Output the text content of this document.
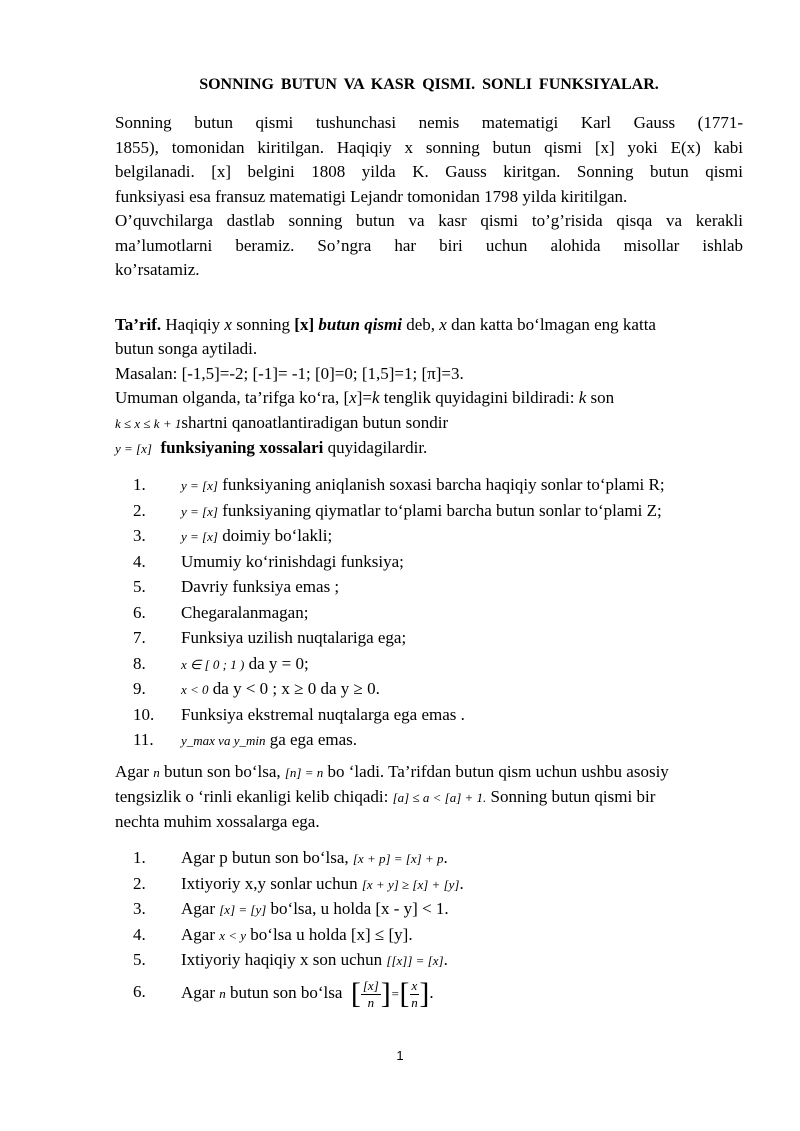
SONNING BUTUN VA KASR QISMI. SONLI FUNKSIYALAR.
Sonning butun qismi tushunchasi nemis matematigi Karl Gauss (1771-
1855), tomonidan kiritilgan. Haqiqiy x sonning butun qismi [x] yoki E(x) kabi
belgilanadi. [x] belgini 1808 yilda K. Gauss kiritgan. Sonning butun qismi
funksiyasi esa fransuz matematigi Lejandr tomonidan 1798 yilda kiritilgan.
O’quvchilarga dastlab sonning butun va kasr qismi to’g’risida qisqa va kerakli
ma’lumotlarni beramiz. So’ngra har biri uchun alohida misollar ishlab
ko’rsatamiz.
Ta’rif. Haqiqiy x sonning [x] butun qismi deb, x dan katta bo‘lmagan eng katta
butun songa aytiladi.
Masalan: [-1,5]=-2; [-1]= -1; [0]=0; [1,5]=1; [π]=3.
Umuman olganda, ta’rifga ko‘ra, [x]=k tenglik quyidagini bildiradi: k son
k ≤ x ≤ k + 1shartni qanoatlantiradigan butun sondir
y = [x] funksiyaning xossalari quyidagilardir.
1.	y = [x] funksiyaning aniqlanish soxasi barcha haqiqiy sonlar to‘plami R;
2.	y = [x] funksiyaning qiymatlar to‘plami barcha butun sonlar to‘plami Z;
3.	y = [x] doimiy bo‘lakli;
4.	Umumiy ko‘rinishdagi funksiya;
5.	Davriy funksiya emas ;
6.	Chegaralanmagan;
7.	Funksiya uzilish nuqtalariga ega;
8.	x ∈ [ 0 ; 1 ) da y = 0;
9.	x < 0 da y < 0 ; x ≥ 0 da y ≥ 0.
10.	Funksiya ekstremal nuqtalarga ega emas .
11.	y_max va y_min ga ega emas.
Agar n butun son bo‘lsa, [n] = n bo ‘ladi. Ta’rifdan butun qism uchun ushbu asosiy
tengsizlik o ‘rinli ekanligi kelib chiqadi: [a] ≤ a < [a] + 1. Sonning butun qismi bir
nechta muhim xossalarga ega.
1.	Agar p butun son bo‘lsa, [x + p] = [x] + p.
2.	Ixtiyoriy x,y sonlar uchun [x + y] ≥ [x] + [y].
3.	Agar [x] = [y] bo‘lsa, u holda [x - y] < 1.
4.	Agar x < y bo‘lsa u holda [x] ≤ [y].
5.	Ixtiyoriy haqiqiy x son uchun [[x]] = [x].
6. Agar n butun son bo‘lsa [ $\frac{[x]}{n}$ ]=[ $\frac{x}{n}$ ].
1
